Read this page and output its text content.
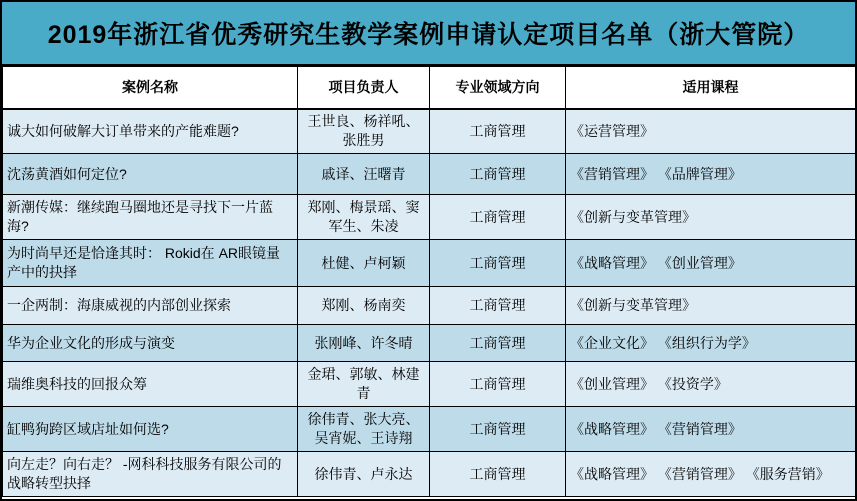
2019年浙江省优秀研究生教学案例申请认定项目名单（浙大管院）
案例名称	项目负责人	专业领域方向	适用课程
诚大如何破解大订单带来的产能难题?	王世良、杨祥吼、张胜男	工商管理	《运营管理》
沈荡黄酒如何定位?	戚译、汪曙青	工商管理	《营销管理》 《品牌管理》
新潮传媒：继续跑马圈地还是寻找下一片蓝海?	郑刚、梅景瑶、窦军生、朱凌	工商管理	《创新与变革管理》
为时尚早还是恰逢其时： Rokid在 AR眼镜量产中的抉择	杜健、卢柯颖	工商管理	《战略管理》 《创业管理》
一企两制：海康威视的内部创业探索	郑刚、杨南奕	工商管理	《创新与变革管理》
华为企业文化的形成与演变	张刚峰、许冬晴	工商管理	《企业文化》 《组织行为学》
瑞维奥科技的回报众筹	金珺、郭敏、林建青	工商管理	《创业管理》 《投资学》
缸鸭狗跨区域店址如何选?	徐伟青、张大亮、吴宵妮、王诗翔	工商管理	《战略管理》 《营销管理》
向左走？向右走？ -网科科技服务有限公司的战略转型抉择	徐伟青、卢永达	工商管理	《战略管理》 《营销管理》 《服务营销》
